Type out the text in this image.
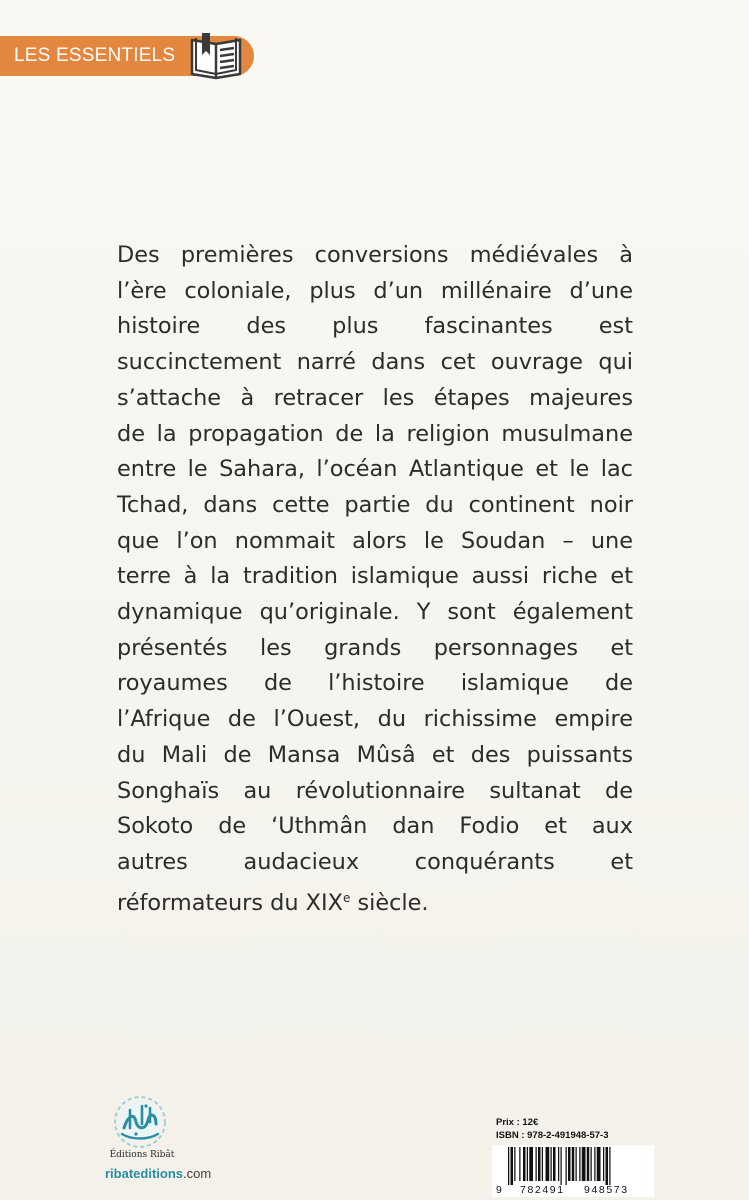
LES ESSENTIELS
Des premières conversions médiévales à
l’ère coloniale, plus d’un millénaire d’une
histoire des plus fascinantes est
succinctement narré dans cet ouvrage qui
s’attache à retracer les étapes majeures
de la propagation de la religion musulmane
entre le Sahara, l’océan Atlantique et le lac
Tchad, dans cette partie du continent noir
que l’on nommait alors le Soudan – une
terre à la tradition islamique aussi riche et
dynamique qu’originale. Y sont également
présentés les grands personnages et
royaumes de l’histoire islamique de
l’Afrique de l’Ouest, du richissime empire
du Mali de Mansa Mûsâ et des puissants
Songhaïs au révolutionnaire sultanat de
Sokoto de ‘Uthmân dan Fodio et aux
autres audacieux conquérants et
réformateurs du XIXe siècle.
Éditions Ribât
ribateditions.com
Prix : 12€
ISBN : 978-2-491948-57-3
9 782491 948573
